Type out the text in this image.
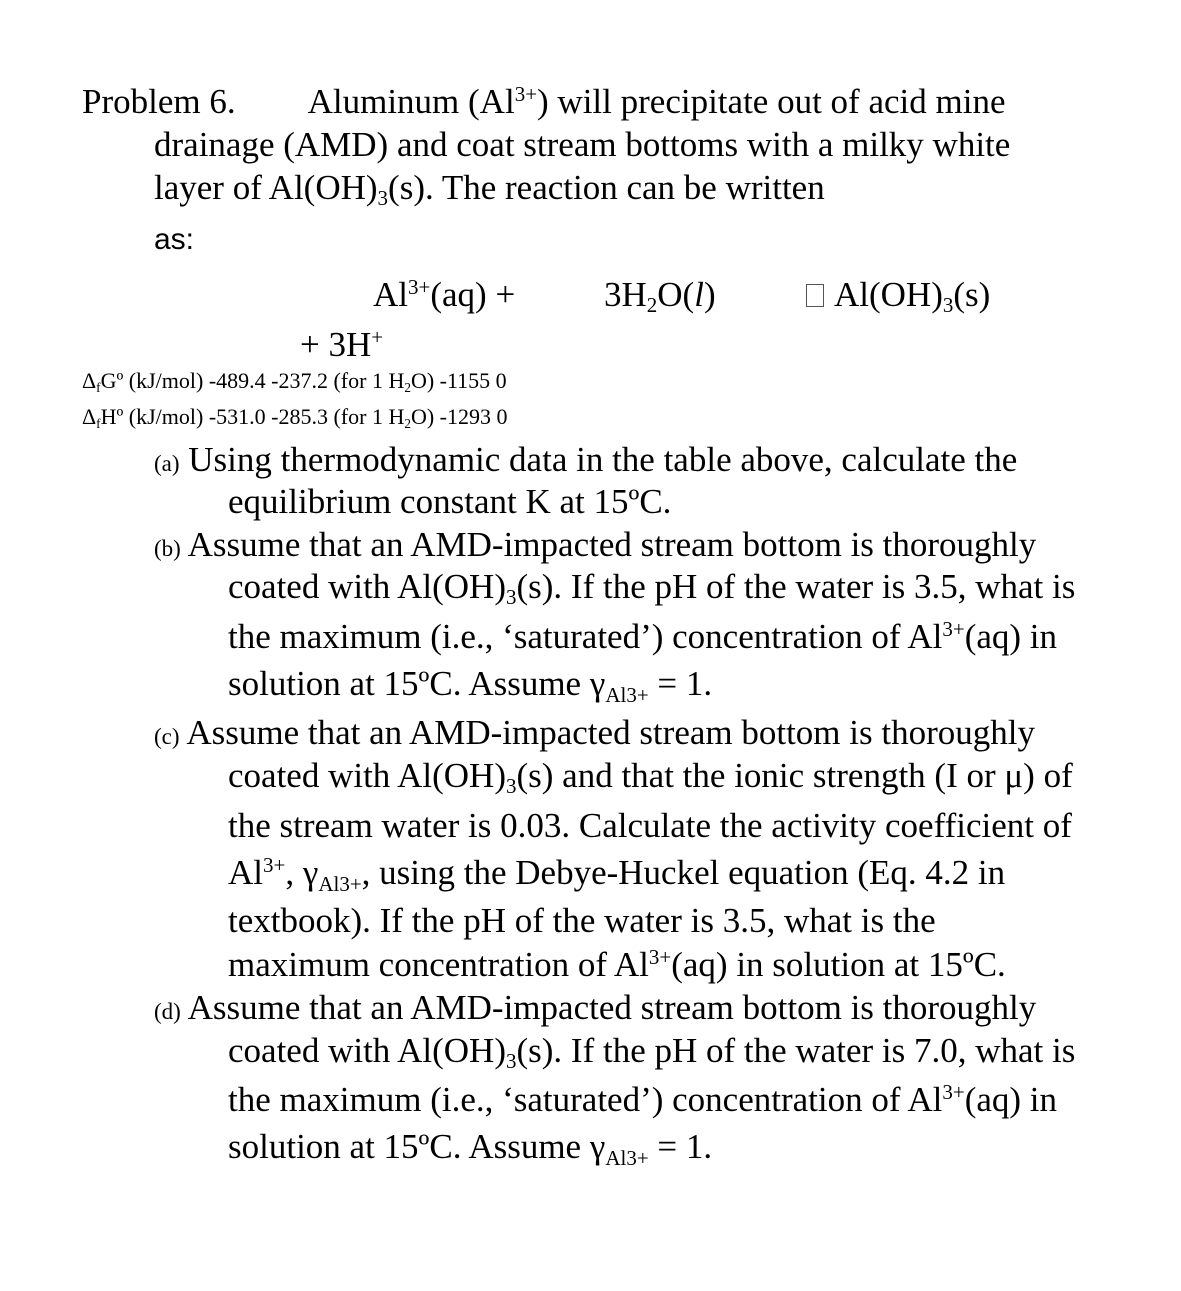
Problem 6. Aluminum $(Al^{3+})$ will precipitate out of acid mine
drainage (AMD) and coat stream bottoms with a milky white
layer of $Al(OH)_3(s)$. The reaction can be written
as:
$Al^{3+}(aq)$ +	$3H_2O(l)$	$Al(OH)_3(s)$
+ 3H+
$\Delta_fGº$ (kJ/mol) -489.4 -237.2 (for 1 $H_2O$) -1155 0
$\Delta_fHº$ (kJ/mol) -531.0 -285.3 (for 1 $H_2O$) -1293 0
(a) Using thermodynamic data in the table above, calculate the
equilibrium constant K at 15ºC.
(b) Assume that an AMD-impacted stream bottom is thoroughly
coated with $Al(OH)_3(s)$. If the pH of the water is 3.5, what is
the maximum (i.e., ‘saturated’) concentration of $Al^{3+}(aq)$ in
solution at 15ºC. Assume $\gamma_{Al3+} = 1$.
(c) Assume that an AMD-impacted stream bottom is thoroughly
coated with $Al(OH)_3(s)$ and that the ionic strength (I or μ) of
the stream water is 0.03. Calculate the activity coefficient of
$Al^{3+}$, $\gamma_{Al3+}$, using the Debye-Huckel equation (Eq. 4.2 in
textbook). If the pH of the water is 3.5, what is the
maximum concentration of $Al^{3+}(aq)$ in solution at 15ºC.
(d) Assume that an AMD-impacted stream bottom is thoroughly
coated with $Al(OH)_3(s)$. If the pH of the water is 7.0, what is
the maximum (i.e., ‘saturated’) concentration of $Al^{3+}(aq)$ in
solution at 15ºC. Assume $\gamma_{Al3+} = 1$.
